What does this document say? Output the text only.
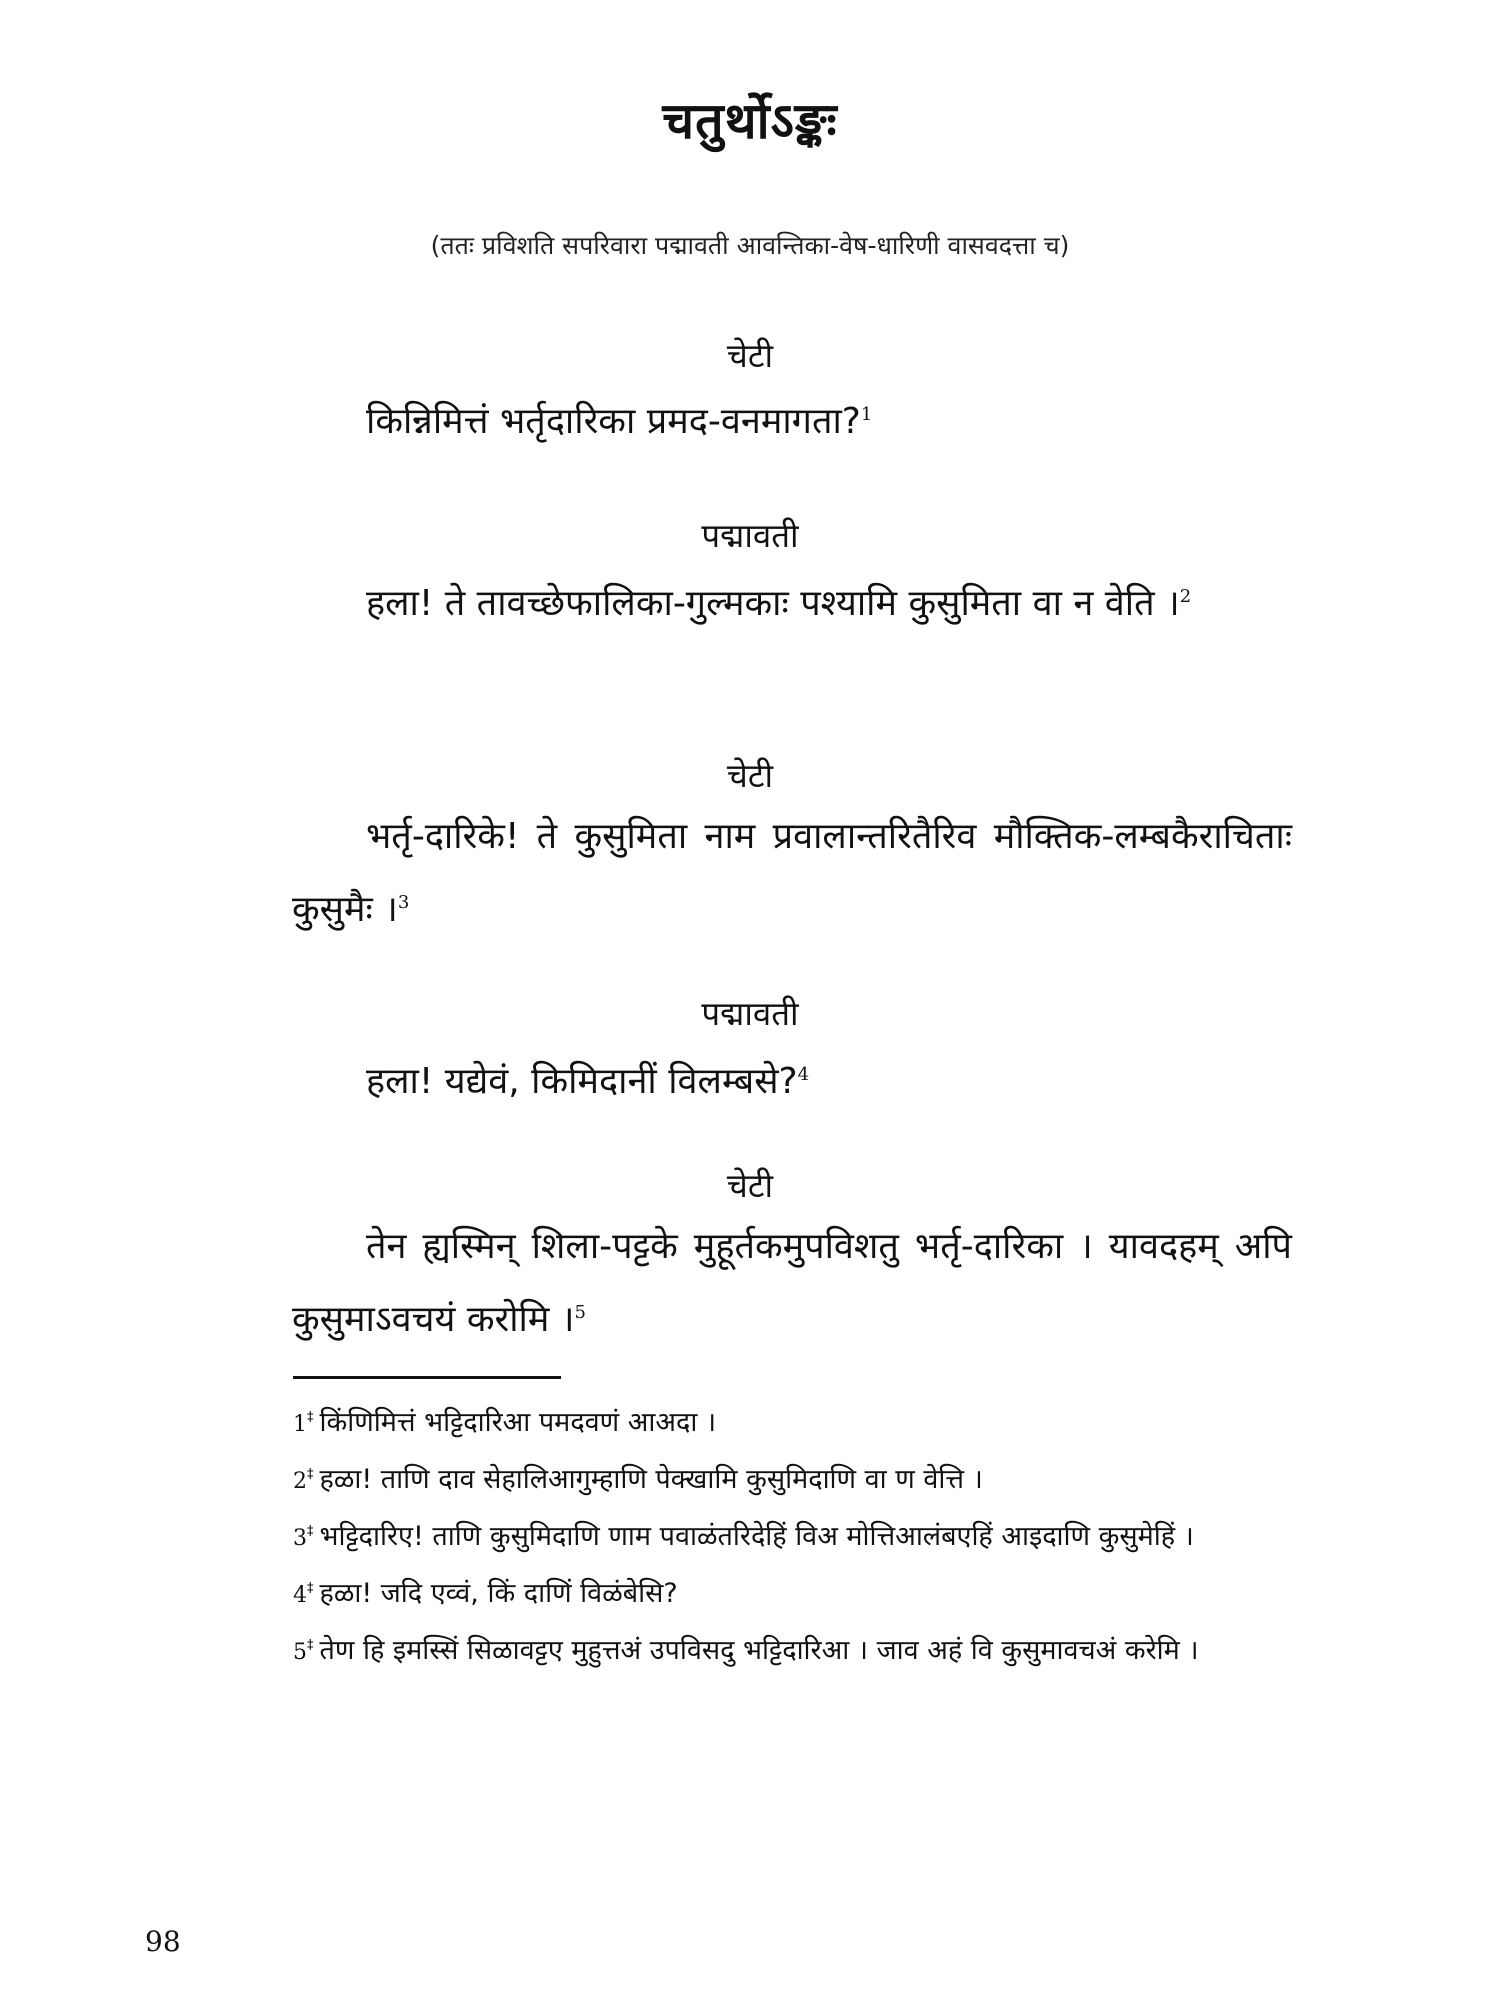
चतुर्थोऽङ्कः
(ततः प्रविशति सपरिवारा पद्मावती आवन्तिका-वेष-धारिणी वासवदत्ता च)
चेटी
किन्निमित्तं भर्तृदारिका प्रमद-वनमागता?$^1$
पद्मावती
हला! ते तावच्छेफालिका-गुल्मकाः पश्यामि कुसुमिता वा न वेति ।$^2$
चेटी
भर्तृ-दारिके! ते कुसुमिता नाम प्रवालान्तरितैरिव मौक्तिक-लम्बकैराचिताः कुसुमैः ।$^3$
पद्मावती
हला! यद्येवं, किमिदानीं विलम्बसे?$^4$
चेटी
तेन ह्यस्मिन् शिला-पट्टके मुहूर्तकमुपविशतु भर्तृ-दारिका । यावदहम् अपि कुसुमाऽवचयं करोमि ।$^5$
1‡ किंणिमित्तं भट्टिदारिआ पमदवणं आअदा ।
2‡ हळा! ताणि दाव सेहालिआगुम्हाणि पेक्खामि कुसुमिदाणि वा ण वेत्ति ।
3‡ भट्टिदारिए! ताणि कुसुमिदाणि णाम पवाळंतरिदेहिं विअ मोत्तिआलंबएहिं आइदाणि कुसुमेहिं ।
4‡ हळा! जदि एव्वं, किं दाणिं विळंबेसि?
5‡ तेण हि इमस्सिं सिळावट्टए मुहुत्तअं उपविसदु भट्टिदारिआ । जाव अहं वि कुसुमावचअं करेमि ।
98
